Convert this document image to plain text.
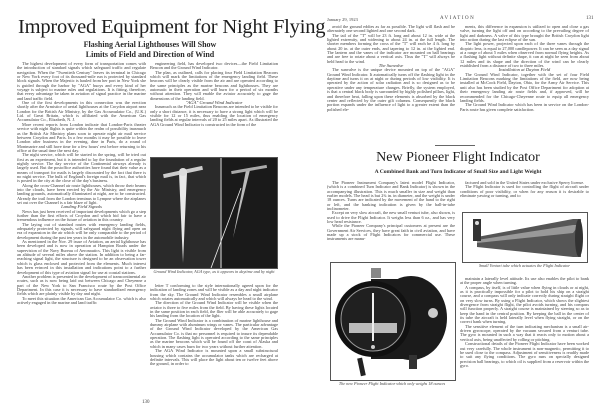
Improved Equipment for Night Flying
Flashing Aerial Lighthouses Will Show
Limits of Field and Direction of Wind

The highest development of every form of transportation comes with the introduction of standard signals which safeguard traffic and regulate navigation. When the "Twentieth Century" leaves its terminal in Chicago or New York every foot of its thousand-mile run is protected by standard block signals. When the Majestic is hauled from her port in New York she is guided through the harbor by "AGA" buoys and every kind of her voyage is subject to marine rules and regulations. It is fitting, therefore, that every advantage be taken in aviation of signal practice in the marine and land traffic field.

One of the first developments in this connection was the erection shortly after the Armistice of aerial lighthouses at the Croydon airport near London for the British Air Ministry, by the Gas Accumulator Co., (U.K.) Ltd. of Great Britain, which is affiliated with the American Gas Accumulator Co., Elizabeth, N. J.

More recent reports from London indicate that London-Paris theater service with night flights is quite within the realm of possibility inasmuch as the British Air Ministry plans soon to operate night air mail service between Croydon and Paris. In a few months it may be possible to leave London after business in the evening, dine in Paris, do a round of Montmartre and still have time for a few hours' rest before returning to his office at the usual time the next day.

The night service, which will be started in the spring, will be tried out first as an experiment, but it is intended to lay the foundation of a regular nightly service. The day service of the Continental airways already is largely used. But the postoffice authorities have found that their value as a means of transport for mails is largely discounted by the fact that there is no night service. The bulk of England's foreign mail is, in fact, that which is posted in the city at the close of the day's business.

Along the cross-Channel air route lighthouses, which throw their beams into the clouds, have been erected by the Air Ministry, and emergency landing grounds, automatically illuminated at night, are to be constructed. Already the trail from the London terminus to Lympne where the airplanes set out over the Channel is a fair blaze of light.

Landing Field Signals

News has just been received of important developments which go a step further than the first efforts of Croydon and which bid fair to have a tremendous influence on the future of aviation in this country.

The laying out of standard routes with emergency landing fields, adequately protected by signals, will safeguard night flying and open an era of expansion in the air which will be only comparable to the period of development during the past ten years in the automobile industry.

As mentioned in the Nov. 29 issue of Aviation, an aerial lighthouse has been developed and is now in operation at Hampton Roads under the supervision of the Navy Bureau of Aeronautics. This light is visible from an altitude of several miles above the station. In addition to being a far-reaching signal light, the structure is designed to be an observation tower which is glass enclosed and protected from the elements. Much interest has been evinced in this installation and indications point to a further development of this type of aviation signal for use at coastal stations.

Another problem is presented in the development of transcontinental air routes, such as is now being laid out between Chicago and Cheyenne a part of the New York to San Francisco route by the Post Office Department. In this case it is necessary to have standardized emergency fields which are plainly visible by day and night.

To meet this situation the American Gas Accumulator Co. which is also actively engaged in the marine and land traffic

engineering field, has developed two devices—the Field Limitation Beacon and the Ground Wind Indicator.

The plan, as outlined, calls for placing four Field Limitation Beacons which will mark the limitations of the emergency landing field. These beacons will be clearly visible from the air and are operated according to the same principles as the marine beacons and lighthouses. They are automatic in their operation and will burn for a period of six months without attention. They will enable the aviator accurately to gage the dimensions of the landing field.

"AGA" Ground Wind Indicator

Inasmuch as the Field Limitation Beacons are intended to be visible for only a short distance, it is necessary to have a strong light which will be visible for 12 or 15 miles, thus enabling the location of emergency landing fields at regular intervals of 20 to 25 miles apart. As illustrated the AGA Ground Wind Indicator is constructed in the form of the

Ground Wind Indicator, AGA type, as it appears in daytime and by night

letter T conforming to the style internationally agreed upon for the indication of landing zones and will be visible as a day and night indicator from the sky. The Ground Wind Indicator resembles a small airplane which rotates automatically and which will always be head to the wind.

The direction of the Ground Wind Indicator will be visible when the aviator is three to five miles from the field. By having these lights located in the same position in each field, the flier will be able accurately to gage his landing from the location of the light.

The Ground Wind Indicator is a combination of marine lighthouse and dummy airplane with aluminum wings or vanes. The particular advantage of the Ground Wind Indicator developed by the American Gas Accumulator Co. is that no personnel is required to insure its dependable operation. The flashing light is operated according to the same principles as the marine beacons which will be found off the coast of Alaska and which in many cases burn for two years without further attention.

The AGA Wind Indicator is mounted upon a small substructural housing which contains the accumulator tanks which are recharged at definite intervals. This will place the light about ten or twelve feet above the ground, in order to

130
January 29, 1923	AVIATION	131

avoid the ground eddies as far as possible. The light will flash and be alternately one second lighted and one second dark.

The tail of the "T" will be 23 ft. long and about 12 in. wide at the lighted extremity, and widening to about 24 in. at the full length. The shorter members forming the cross of the "T" will each be 4 ft. long by about 20 in. at the outer ends, and tapering to 12 in. at the lighted end. The lantern and the vanes of the indicator are mounted on ball bearings and are free to rotate about a vertical axis. Thus the "T" will always be held head to the wind.

The Sunvalve

The sunvalve is the unique device mounted on top of the "AGA" Ground Wind Indicator. It automatically turns off the flashing light in the daytime and turns it on at night or during periods of low visibility. It is operated by the action of solar radiation and is so designed as to be operative under any temperature changes. Briefly, the system employed, is that a central black body is surrounded by highly polished pillars, light, and therefore heat, falling upon these elements is absorbed by the black center and reflected by the outer gilt columns. Consequently the black portion expands under the influence of light to a greater extent than the polished ele-

ments, this difference in expansion is utilized to open and close a gas valve, turning the light off and on according to the prevailing degree of light and darkness. A valve of this type brought the British Croydon light into action during the last eclipse of the sun.

The light power, projected upon each of the three vanes through the dioptric lens, is equal to 27,000 candlepower. It can be seen as a day signal at a range of about 5 miles when observed from normal flying heights. As a flashing light without definite shape, it can at night be seen from about 12 miles and its shape and the direction of the wind can be clearly established from a distance of two to three miles.

Installation at Dayton Field

The Ground Wind Indicator, together with the set of four Field Limitation Beacons marking the limitations of the field, are now being installed at McCook Field, Dayton, Ohio, for the Army Air Service. This unit also has been studied by the Post Office Department for adoption at their emergency landing air route fields and, if approved, will be recommended for the Chicago-Cheyenne route to equip all emergency landing fields.

The Ground Wind Indicator which has been in service on the London-Paris route has given complete satisfaction.

New Pioneer Flight Indicator
A Combined Bank and Turn Indicator of Small Size and Light Weight

The Pioneer Instrument Company's latest model Flight Indicator, (which is a combined Turn Indicator and Bank Indicator) is shown in the accompanying illustration. This is much smaller in size and weight than earlier models. The head is but 2¾ in. in diameter, and the weight is under 18 ounces. Turns are indicated by the movement of the hand to the right or left, and the banking indication is given by the ball-in-tube inclinometer.

Except on very slow aircraft, the new small venturi tube, also shown, is used to drive the Flight Indicator. It weighs less than 6 oz., and has very low head resistance.

While the Pioneer Company's principal customers at present are the Government Air Services, they have great faith in civil aviation, and have made up a stock of Flight Indicators for commercial use. These instruments are manu-

factured and sold in the United States under exclusive Sperry license.

The Flight Indicator is used for controlling the flight of aircraft under conditions of poor visibility, or when for any reason it is desirable to eliminate yawing or turning, and to

Small Venturi tube which actuates the Flight Indicator
The new Pioneer Flight Indicator which only weighs 18 ounces

maintain a laterally level attitude. Its use also enables the pilot to bank at the proper angle when turning.

A compass, by itself, is of little value when flying in clouds or at night, as it is practically impossible for a pilot to hold his ship on a straight course, and a compass will only indicate correctly during straight flight or on very slow turns. By using a Flight Indicator, which shows the slightest divergence from straight flight, the pilot avoids turning, and his compass will function properly. A straight course is maintained by steering so as to keep the hand in the central position. By keeping the ball in the center of its tube the aircraft is held laterally level when flying straight, or on the correct bank when turning.

The sensitive element of the turn indicating mechanism is a small air-driven gyroscope, operated by the vacuum secured from a venturi tube. The gyro is mounted in such a way that it reacts only to motion about a vertical axis, being unaffected by rolling or pitching.

Constructional details of the Pioneer Flight Indicator have been worked out very carefully. The whole instrument is non-magnetic, permitting it to be used close to the compass. Adjustment of sensitiveness is readily made to suit any flying conditions. The gyro runs on specially designed precision ball bearings, to which oil is supplied from a reservoir within the gyro.
